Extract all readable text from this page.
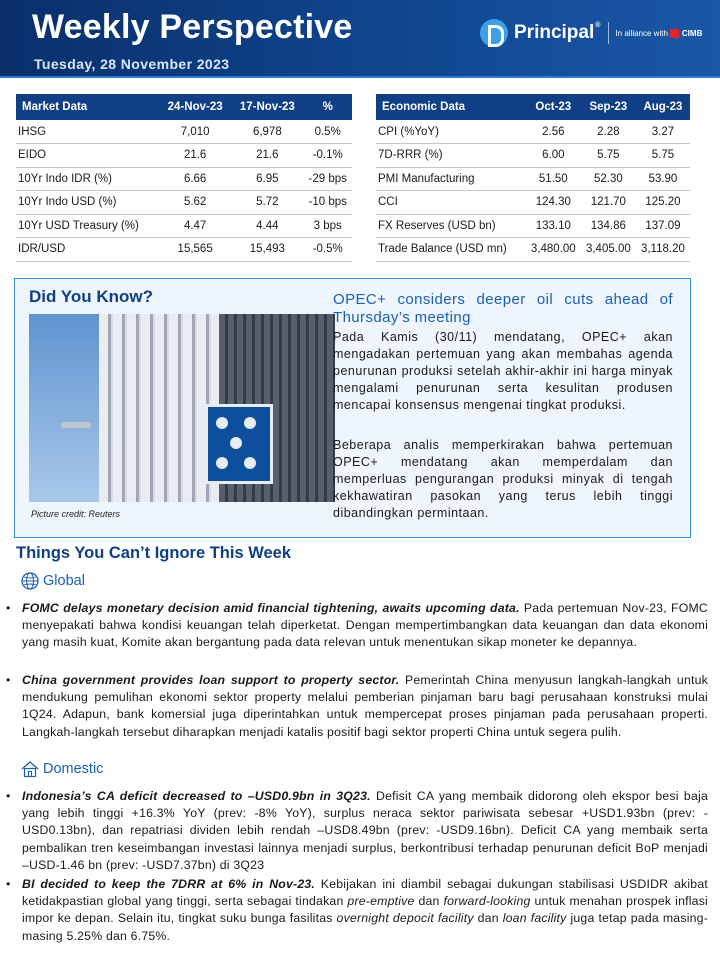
Weekly Perspective
Tuesday, 28 November 2023
Principal®
In alliance with CIMB
Market Data	24-Nov-23	17-Nov-23	%
IHSG	7,010	6,978	0.5%
EIDO	21.6	21.6	-0.1%
10Yr Indo IDR (%)	6.66	6.95	-29 bps
10Yr Indo USD (%)	5.62	5.72	-10 bps
10Yr USD Treasury (%)	4.47	4.44	3 bps
IDR/USD	15,565	15,493	-0.5%
Economic Data	Oct-23	Sep-23	Aug-23
CPI (%YoY)	2.56	2.28	3.27
7D-RRR (%)	6.00	5.75	5.75
PMI Manufacturing	51.50	52.30	53.90
CCI	124.30	121.70	125.20
FX Reserves (USD bn)	133.10	134.86	137.09
Trade Balance (USD mn)	3,480.00	3,405.00	3,118.20
Did You Know?
Picture credit: Reuters
OPEC+ considers deeper oil cuts ahead of Thursday’s meeting
Pada Kamis (30/11) mendatang, OPEC+ akan mengadakan pertemuan yang akan membahas agenda penurunan produksi setelah akhir-akhir ini harga minyak mengalami penurunan serta kesulitan produsen mencapai konsensus mengenai tingkat produksi.
Beberapa analis memperkirakan bahwa pertemuan OPEC+ mendatang akan memperdalam dan memperluas pengurangan produksi minyak di tengah kekhawatiran pasokan yang terus lebih tinggi dibandingkan permintaan.
Things You Can’t Ignore This Week
Global
• FOMC delays monetary decision amid financial tightening, awaits upcoming data. Pada pertemuan Nov-23, FOMC menyepakati bahwa kondisi keuangan telah diperketat. Dengan mempertimbangkan data keuangan dan data ekonomi yang masih kuat, Komite akan bergantung pada data relevan untuk menentukan sikap moneter ke depannya.
• China government provides loan support to property sector. Pemerintah China menyusun langkah-langkah untuk mendukung pemulihan ekonomi sektor property melalui pemberian pinjaman baru bagi perusahaan konstruksi mulai 1Q24. Adapun, bank komersial juga diperintahkan untuk mempercepat proses pinjaman pada perusahaan properti. Langkah-langkah tersebut diharapkan menjadi katalis positif bagi sektor properti China untuk segera pulih.
Domestic
• Indonesia’s CA deficit decreased to –USD0.9bn in 3Q23. Defisit CA yang membaik didorong oleh ekspor besi baja yang lebih tinggi +16.3% YoY (prev: -8% YoY), surplus neraca sektor pariwisata sebesar +USD1.93bn (prev: -USD0.13bn), dan repatriasi dividen lebih rendah –USD8.49bn (prev: -USD9.16bn). Deficit CA yang membaik serta pembalikan tren keseimbangan investasi lainnya menjadi surplus, berkontribusi terhadap penurunan deficit BoP menjadi –USD-1.46 bn (prev: -USD7.37bn) di 3Q23
• BI decided to keep the 7DRR at 6% in Nov-23. Kebijakan ini diambil sebagai dukungan stabilisasi USDIDR akibat ketidakpastian global yang tinggi, serta sebagai tindakan pre-emptive dan forward-looking untuk menahan prospek inflasi impor ke depan. Selain itu, tingkat suku bunga fasilitas overnight depocit facility dan loan facility juga tetap pada masing-masing 5.25% dan 6.75%.
